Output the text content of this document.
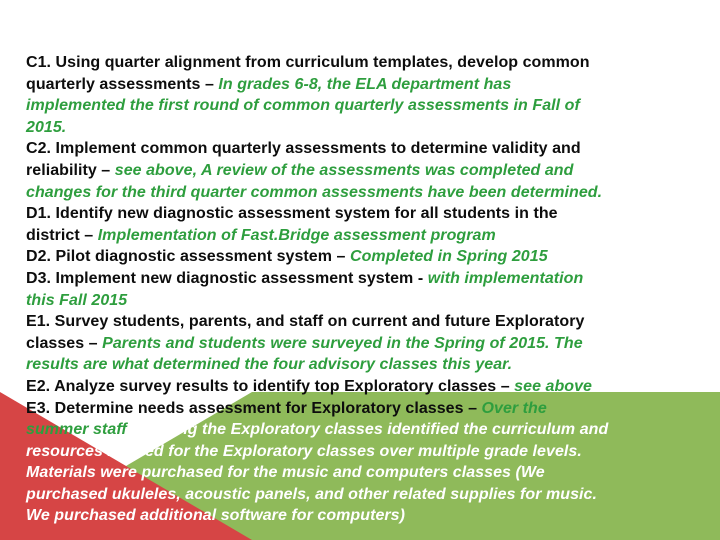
C1. Using quarter alignment from curriculum templates, develop common
quarterly assessments – In grades 6-8, the ELA department has
implemented the first round of common quarterly assessments in Fall of
2015.
C2. Implement common quarterly assessments to determine validity and
reliability – see above, A review of the assessments was completed and
changes for the third quarter common assessments have been determined.
D1. Identify new diagnostic assessment system for all students in the
district – Implementation of Fast.Bridge assessment program
D2. Pilot diagnostic assessment system – Completed in Spring 2015
D3. Implement new diagnostic assessment system - with implementation
this Fall 2015
E1. Survey students, parents, and staff on current and future Exploratory
classes – Parents and students were surveyed in the Spring of 2015. The
results are what determined the four advisory classes this year.
E2. Analyze survey results to identify top Exploratory classes – see above
E3. Determine needs assessment for Exploratory classes – Over the
summer staff teaching the Exploratory classes identified the curriculum and
resources needed for the Exploratory classes over multiple grade levels.
Materials were purchased for the music and computers classes (We
purchased ukuleles, acoustic panels, and other related supplies for music.
We purchased additional software for computers)
